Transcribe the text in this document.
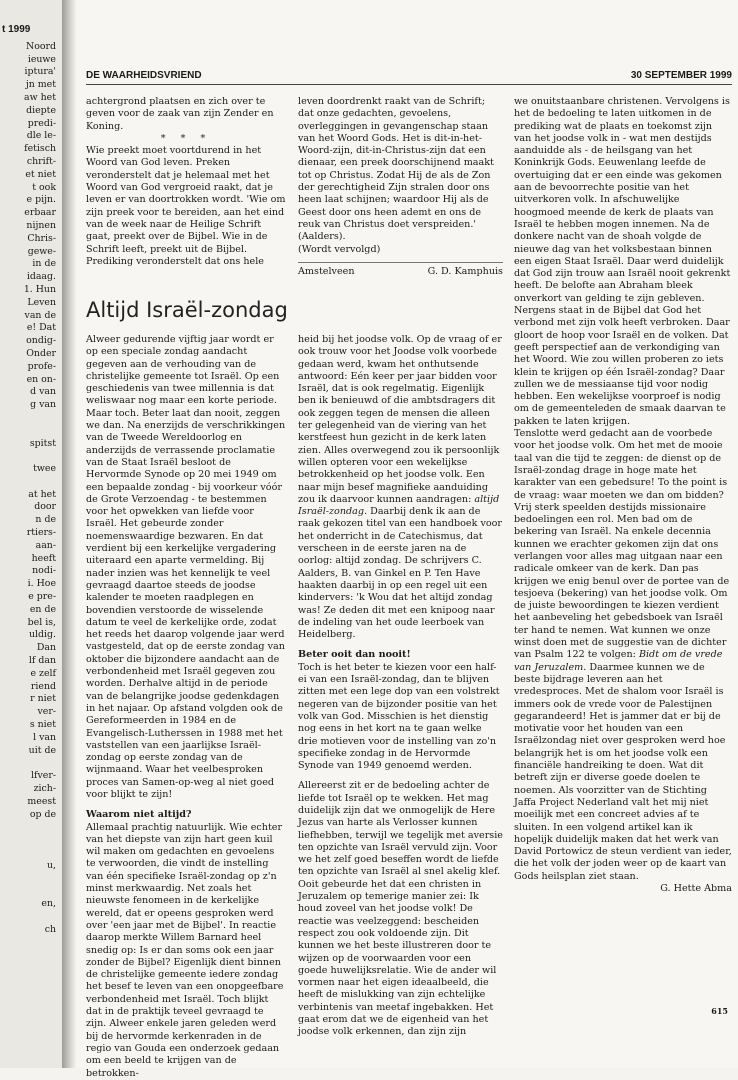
t 1999
Noord
ieuwe
iptura'
jn met
aw het
diepte
predi-
dle le-
fetisch
chrift-
et niet
t ook
e pijn.
erbaar
nijnen
Chris-
gewe-
in de
idaag.
1. Hun
Leven
van de
e! Dat
ondig-
Onder
profe-
en on-
d van
g van
spitst
twee
at het
door
n de
rtiers-
aan-
heeft
nodi-
i. Hoe
e pre-
en de
bel is,
uldig.
Dan
lf dan
e zelf
riend
r niet
ver-
s niet
l van
uit de
lfver-
zich-
meest
op de
u,
en,
ch
DE WAARHEIDSVRIEND	30 SEPTEMBER 1999

achtergrond plaatsen en zich over te geven voor de zaak van zijn Zender en Koning.

* * *

Wie preekt moet voortdurend in het Woord van God leven. Preken veronderstelt dat je helemaal met het Woord van God vergroeid raakt, dat je leven er van doortrokken wordt. 'Wie om zijn preek voor te bereiden, aan het eind van de week naar de Heilige Schrift gaat, preekt over de Bijbel. Wie in de Schrift leeft, preekt uit de Bijbel. Prediking veronderstelt dat ons hele

leven doordrenkt raakt van de Schrift; dat onze gedachten, gevoelens, overleggingen in gevangenschap staan van het Woord Gods. Het is dit-in-het-Woord-zijn, dit-in-Christus-zijn dat een dienaar, een preek doorschijnend maakt tot op Christus. Zodat Hij de als de Zon der gerechtigheid Zijn stralen door ons heen laat schijnen; waardoor Hij als de Geest door ons heen ademt en ons de reuk van Christus doet verspreiden.' (Aalders).

(Wordt vervolgd)

Amstelveen	G. D. Kamphuis
Altijd Israël-zondag

Alweer gedurende vijftig jaar wordt er op een speciale zondag aandacht gegeven aan de verhouding van de christelijke gemeente tot Israël. Op een geschiedenis van twee millennia is dat weliswaar nog maar een korte periode. Maar toch. Beter laat dan nooit, zeggen we dan. Na enerzijds de verschrikkingen van de Tweede Wereldoorlog en anderzijds de verrassende proclamatie van de Staat Israël besloot de Hervormde Synode op 20 mei 1949 om een bepaalde zondag - bij voorkeur vóór de Grote Verzoendag - te bestemmen voor het opwekken van liefde voor Israël. Het gebeurde zonder noemenswaardige bezwaren. En dat verdient bij een kerkelijke vergadering uiteraard een aparte vermelding. Bij nader inzien was het kennelijk te veel gevraagd daartoe steeds de joodse kalender te moeten raadplegen en bovendien verstoorde de wisselende datum te veel de kerkelijke orde, zodat het reeds het daarop volgende jaar werd vastgesteld, dat op de eerste zondag van oktober die bijzondere aandacht aan de verbondenheid met Israël gegeven zou worden. Derhalve altijd in de periode van de belangrijke joodse gedenkdagen in het najaar. Op afstand volgden ook de Gereformeerden in 1984 en de Evangelisch-Lutherssen in 1988 met het vaststellen van een jaarlijkse Israël-zondag op eerste zondag van de wijnmaand. Waar het veelbesproken proces van Samen-op-weg al niet goed voor blijkt te zijn!

Waarom niet altijd?

Allemaal prachtig natuurlijk. Wie echter van het diepste van zijn hart geen kuil wil maken om gedachten en gevoelens te verwoorden, die vindt de instelling van één specifieke Israël-zondag op z'n minst merkwaardig. Net zoals het nieuwste fenomeen in de kerkelijke wereld, dat er opeens gesproken werd over 'een jaar met de Bijbel'. In reactie daarop merkte Willem Barnard heel snedig op: Is er dan soms ook een jaar zonder de Bijbel? Eigenlijk dient binnen de christelijke gemeente iedere zondag het besef te leven van een onopgeefbare verbondenheid met Israël. Toch blijkt dat in de praktijk teveel gevraagd te zijn. Alweer enkele jaren geleden werd bij de hervormde kerkenraden in de regio van Gouda een onderzoek gedaan om een beeld te krijgen van de betrokken-

heid bij het joodse volk. Op de vraag of er ook trouw voor het Joodse volk voorbede gedaan werd, kwam het onthutsende antwoord: Eén keer per jaar bidden voor Israël, dat is ook regelmatig. Eigenlijk ben ik benieuwd of die ambtsdragers dit ook zeggen tegen de mensen die alleen ter gelegenheid van de viering van het kerstfeest hun gezicht in de kerk laten zien. Alles overwegend zou ik persoonlijk willen opteren voor een wekelijkse betrokkenheid op het joodse volk. Een naar mijn besef magnifieke aanduiding zou ik daarvoor kunnen aandragen: altijd Israël-zondag. Daarbij denk ik aan de raak gekozen titel van een handboek voor het onderricht in de Catechismus, dat verscheen in de eerste jaren na de oorlog: altijd zondag. De schrijvers C. Aalders, B. van Ginkel en P. Ten Have haakten daarbij in op een regel uit een kindervers: 'k Wou dat het altijd zondag was! Ze deden dit met een knipoog naar de indeling van het oude leerboek van Heidelberg.

Beter ooit dan nooit!

Toch is het beter te kiezen voor een half-ei van een Israël-zondag, dan te blijven zitten met een lege dop van een volstrekt negeren van de bijzonder positie van het volk van God. Misschien is het dienstig nog eens in het kort na te gaan welke drie motieven voor de instelling van zo'n specifieke zondag in de Hervormde Synode van 1949 genoemd werden.

Allereerst zit er de bedoeling achter de liefde tot Israël op te wekken. Het mag duidelijk zijn dat we onmogelijk de Here Jezus van harte als Verlosser kunnen liefhebben, terwijl we tegelijk met aversie ten opzichte van Israël vervuld zijn. Voor we het zelf goed beseffen wordt de liefde ten opzichte van Israël al snel akelig klef. Ooit gebeurde het dat een christen in Jeruzalem op temerige manier zei: Ik houd zoveel van het joodse volk! De reactie was veelzeggend: bescheiden respect zou ook voldoende zijn. Dit kunnen we het beste illustreren door te wijzen op de voorwaarden voor een goede huwelijksrelatie. Wie de ander wil vormen naar het eigen ideaalbeeld, die heeft de mislukking van zijn echtelijke verbintenis van meetaf ingebakken. Het gaat erom dat we de eigenheid van het joodse volk erkennen, dan zijn zijn

we onuitstaanbare christenen. Vervolgens is het de bedoeling te laten uitkomen in de prediking wat de plaats en toekomst zijn van het joodse volk in - wat men destijds aanduidde als - de heilsgang van het Koninkrijk Gods. Eeuwenlang leefde de overtuiging dat er een einde was gekomen aan de bevoorrechte positie van het uitverkoren volk. In afschuwelijke hoogmoed meende de kerk de plaats van Israël te hebben mogen innemen. Na de donkere nacht van de shoah volgde de nieuwe dag van het volksbestaan binnen een eigen Staat Israël. Daar werd duidelijk dat God zijn trouw aan Israël nooit gekrenkt heeft. De belofte aan Abraham bleek onverkort van gelding te zijn gebleven. Nergens staat in de Bijbel dat God het verbond met zijn volk heeft verbroken. Daar gloort de hoop voor Israël en de volken. Dat geeft perspectief aan de verkondiging van het Woord. Wie zou willen proberen zo iets klein te krijgen op één Israël-zondag? Daar zullen we de messiaanse tijd voor nodig hebben. Een wekelijkse voorproef is nodig om de gemeenteleden de smaak daarvan te pakken te laten krijgen.

Tenslotte werd gedacht aan de voorbede voor het joodse volk. Om het met de mooie taal van die tijd te zeggen: de dienst op de Israël-zondag drage in hoge mate het karakter van een gebedsure! To the point is de vraag: waar moeten we dan om bidden? Vrij sterk speelden destijds missionaire bedoelingen een rol. Men bad om de bekering van Israël. Na enkele decennia kunnen we erachter gekomen zijn dat ons verlangen voor alles mag uitgaan naar een radicale omkeer van de kerk. Dan pas krijgen we enig benul over de portee van de tesjoeva (bekering) van het joodse volk. Om de juiste bewoordingen te kiezen verdient het aanbeveling het gebedsboek van Israël ter hand te nemen. Wat kunnen we onze winst doen met de suggestie van de dichter van Psalm 122 te volgen: Bidt om de vrede van Jeruzalem. Daarmee kunnen we de beste bijdrage leveren aan het vredesproces. Met de shalom voor Israël is immers ook de vrede voor de Palestijnen gegarandeerd! Het is jammer dat er bij de motivatie voor het houden van een Israëlzondag niet over gesproken werd hoe belangrijk het is om het joodse volk een financiële handreiking te doen. Wat dit betreft zijn er diverse goede doelen te noemen. Als voorzitter van de Stichting Jaffa Project Nederland valt het mij niet moeilijk met een concreet advies af te sluiten. In een volgend artikel kan ik hopelijk duidelijk maken dat het werk van David Portowicz de steun verdient van ieder, die het volk der joden weer op de kaart van Gods heilsplan ziet staan.

G. Hette Abma

615
